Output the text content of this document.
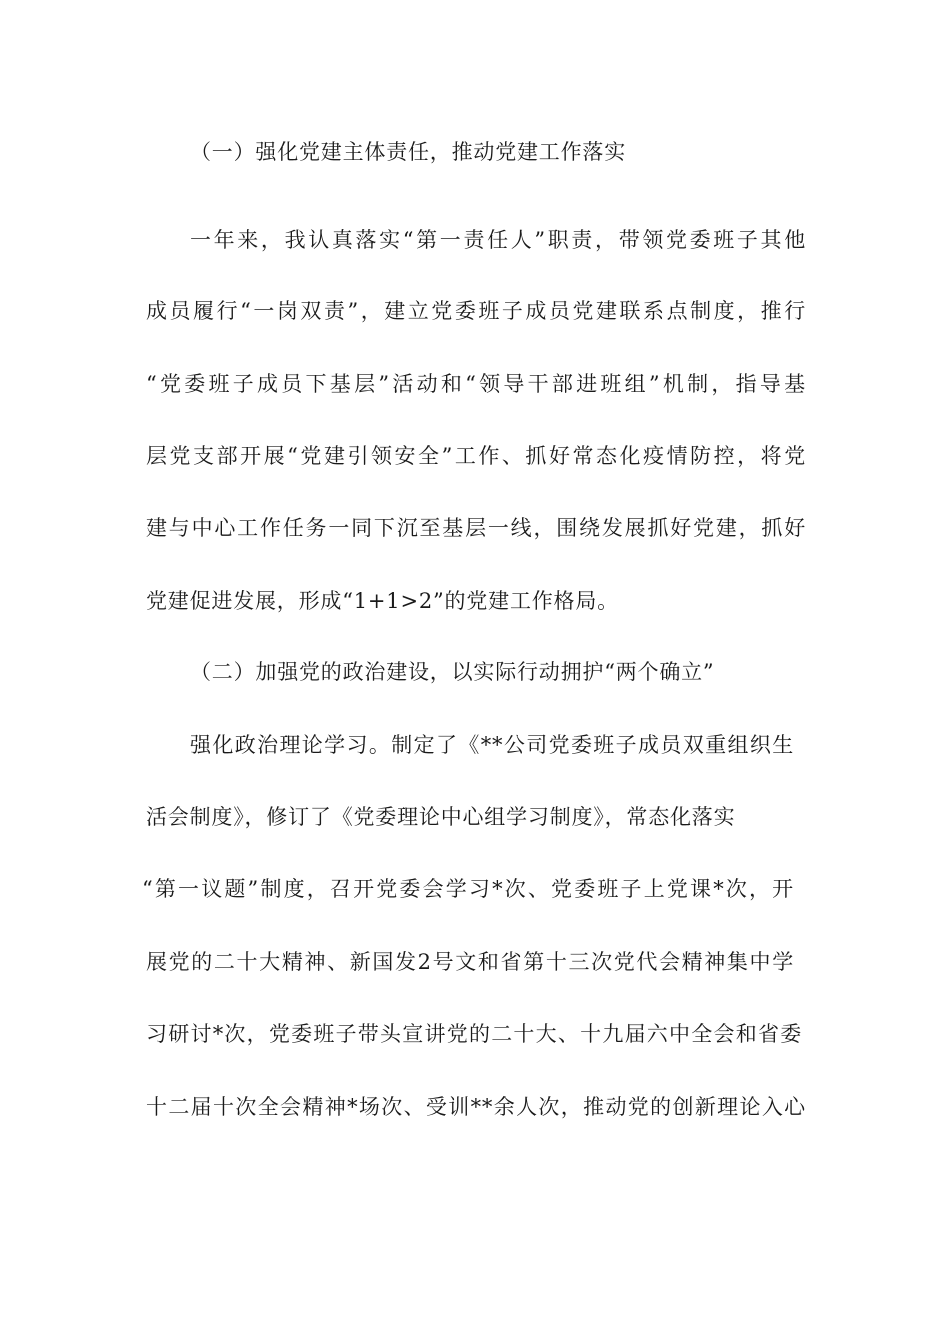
（一）强化党建主体责任，推动党建工作落实
一年来，我认真落实“第一责任人”职责，带领党委班子其他
成员履行“一岗双责”，建立党委班子成员党建联系点制度，推行
“党委班子成员下基层”活动和“领导干部进班组”机制，指导基
层党支部开展“党建引领安全”工作、抓好常态化疫情防控，将党
建与中心工作任务一同下沉至基层一线，围绕发展抓好党建，抓好
党建促进发展，形成“1+1>2”的党建工作格局。
（二）加强党的政治建设，以实际行动拥护“两个确立”
强化政治理论学习。制定了《**公司党委班子成员双重组织生
活会制度》，修订了《党委理论中心组学习制度》，常态化落实
“第一议题”制度，召开党委会学习*次、党委班子上党课*次，开
展党的二十大精神、新国发2号文和省第十三次党代会精神集中学
习研讨*次，党委班子带头宣讲党的二十大、十九届六中全会和省委
十二届十次全会精神*场次、受训**余人次，推动党的创新理论入心
